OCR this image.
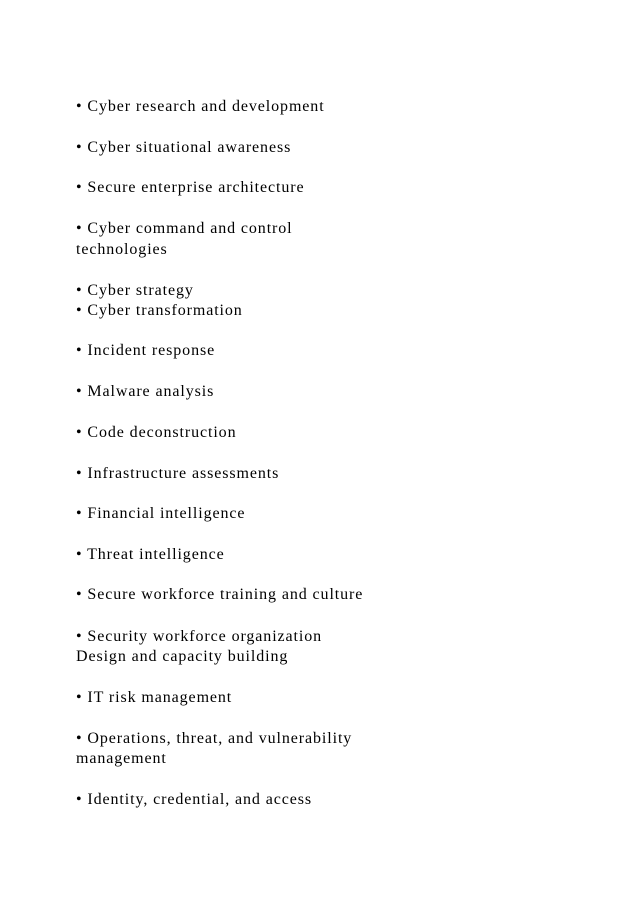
• Cyber research and development

• Cyber situational awareness

• Secure enterprise architecture

• Cyber command and control

technologies

• Cyber strategy

• Cyber transformation

• Incident response

• Malware analysis

• Code deconstruction

• Infrastructure assessments

• Financial intelligence

• Threat intelligence

• Secure workforce training and culture

• Security workforce organization

Design and capacity building

• IT risk management

• Operations, threat, and vulnerability

management

• Identity, credential, and access
